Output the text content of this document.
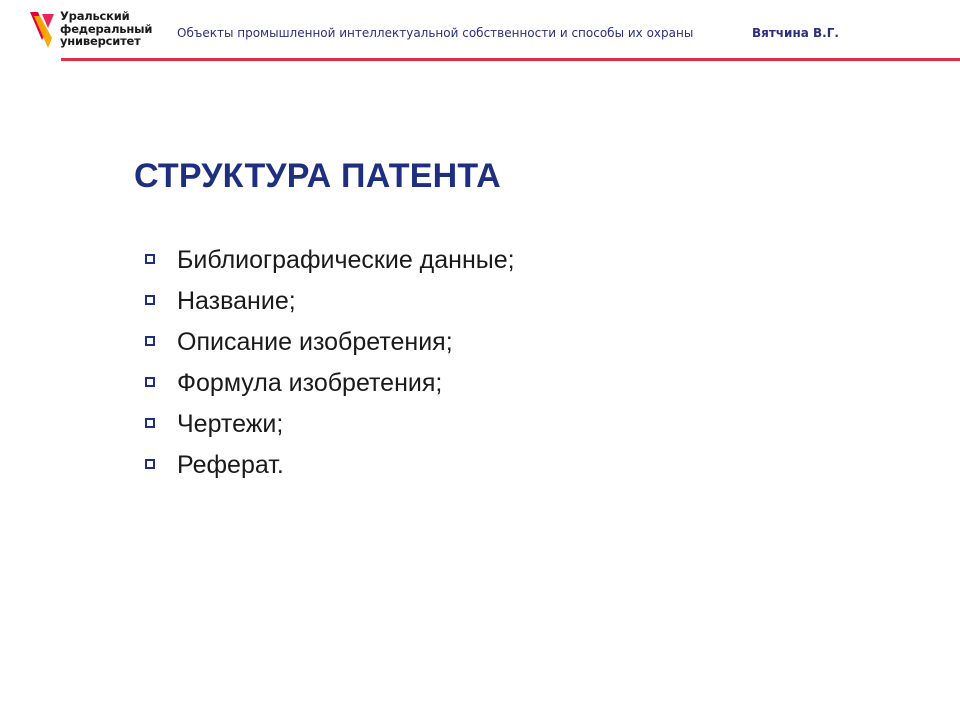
Уральский
федеральный
университет
Объекты промышленной интеллектуальной собственности и способы их охраны	Вятчина В.Г.
СТРУКТУРА ПАТЕНТА
Библиографические данные;
Название;
Описание изобретения;
Формула изобретения;
Чертежи;
Реферат.
